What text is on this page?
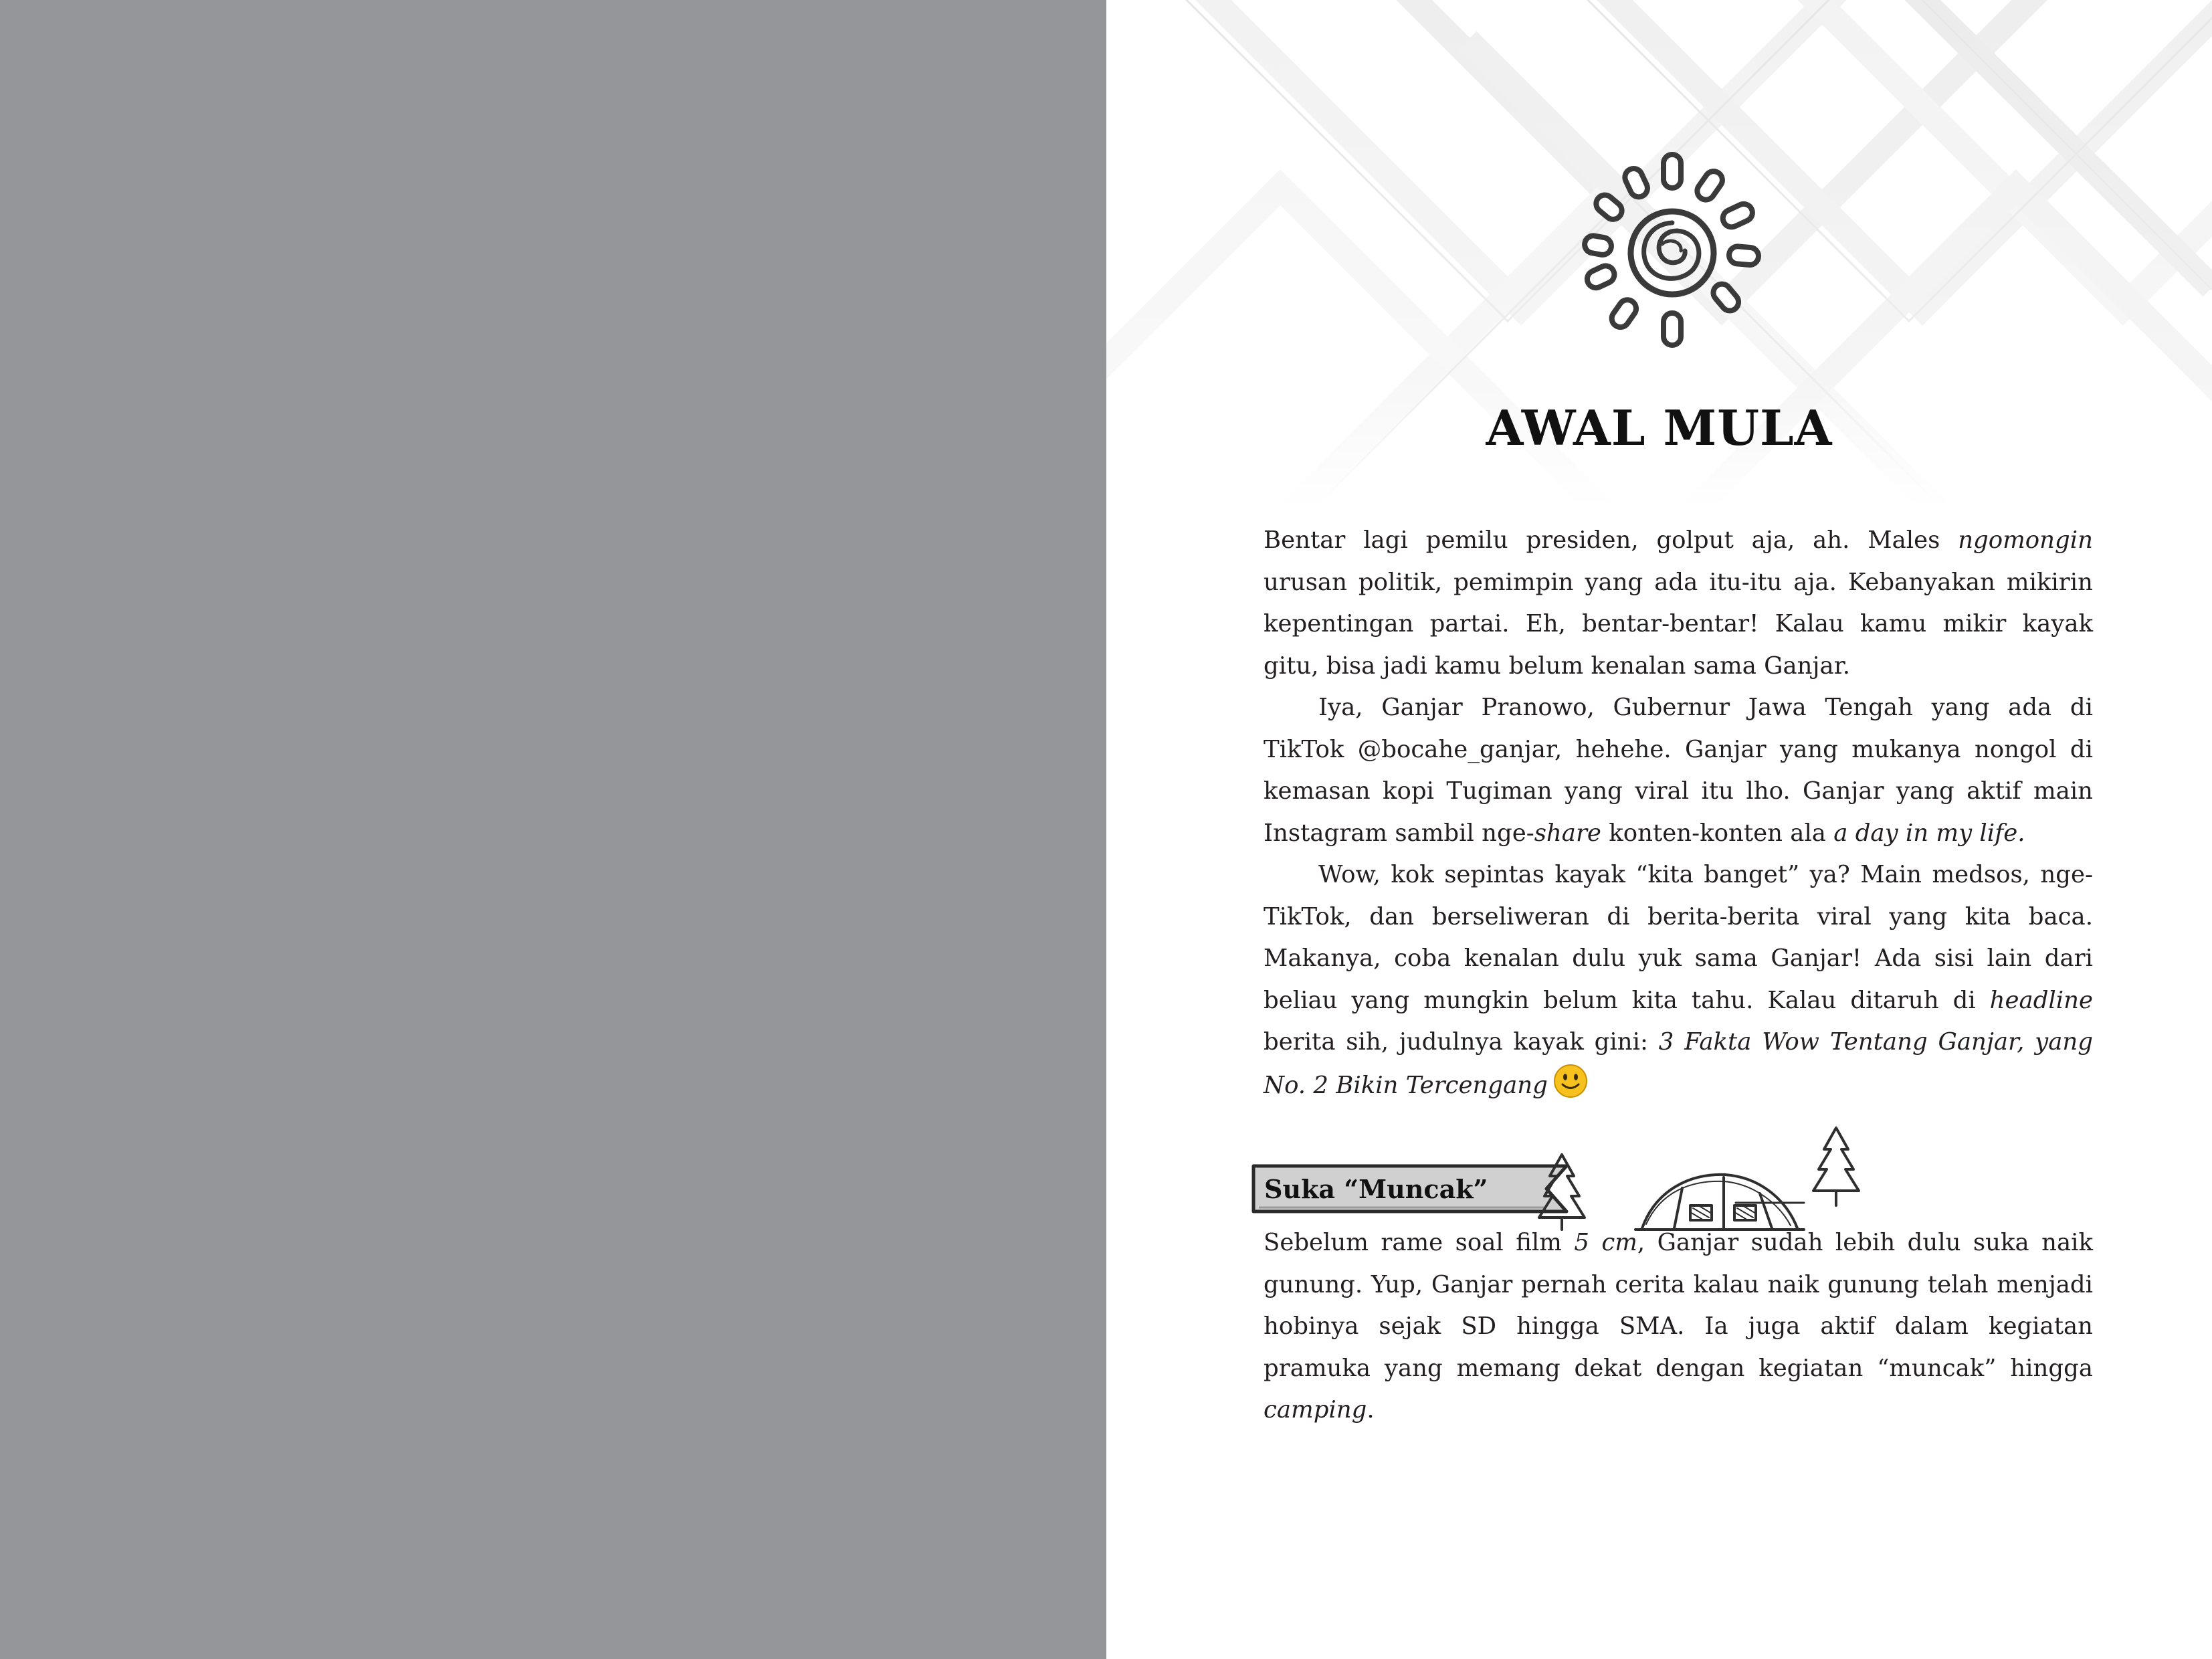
AWAL MULA

Bentar lagi pemilu presiden, golput aja, ah. Males ngomongin urusan politik, pemimpin yang ada itu-itu aja. Kebanyakan mikirin kepentingan partai. Eh, bentar-bentar! Kalau kamu mikir kayak gitu, bisa jadi kamu belum kenalan sama Ganjar.

Iya, Ganjar Pranowo, Gubernur Jawa Tengah yang ada di TikTok @bocahe_ganjar, hehehe. Ganjar yang mukanya nongol di kemasan kopi Tugiman yang viral itu lho. Ganjar yang aktif main Instagram sambil nge-share konten-konten ala a day in my life.

Wow, kok sepintas kayak “kita banget” ya? Main medsos, nge-TikTok, dan berseliweran di berita-berita viral yang kita baca. Makanya, coba kenalan dulu yuk sama Ganjar! Ada sisi lain dari beliau yang mungkin belum kita tahu. Kalau ditaruh di headline berita sih, judulnya kayak gini: 3 Fakta Wow Tentang Ganjar, yang No. 2 Bikin Tercengang

Suka “Muncak”

Sebelum rame soal film 5 cm, Ganjar sudah lebih dulu suka naik gunung. Yup, Ganjar pernah cerita kalau naik gunung telah menjadi hobinya sejak SD hingga SMA. Ia juga aktif dalam kegiatan pramuka yang memang dekat dengan kegiatan “muncak” hingga camping.
